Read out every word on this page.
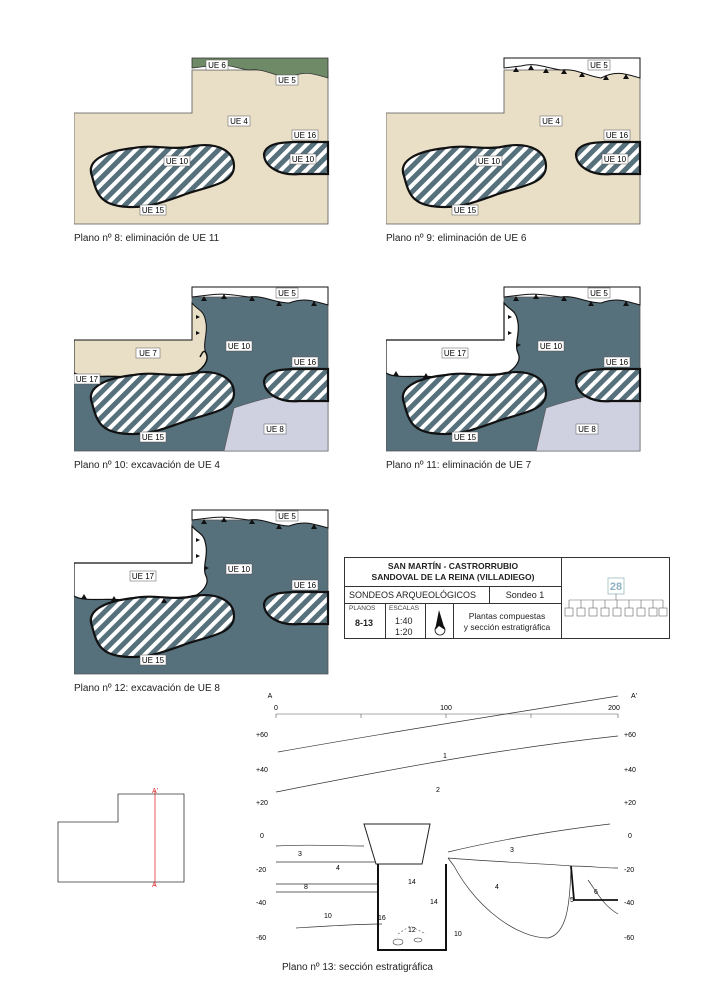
UE 6
UE 5
UE 4
UE 16
UE 10	UE 10
UE 15
Plano nº 8: eliminación de UE 11
UE 5
UE 4
UE 16
UE 10	UE 10
UE 15
Plano nº 9: eliminación de UE 6
UE 5
UE 10
UE 7
UE 17
UE 16
UE 8
UE 15
Plano nº 10: excavación de UE 4
UE 5
UE 17
UE 10
UE 16
UE 8
UE 15
Plano nº 11: eliminación de UE 7
UE 5
UE 17
UE 10
UE 16
UE 15
Plano nº 12: excavación de UE 8
SAN MARTÍN - CASTRORRUBIO
SANDOVAL DE LA REINA (VILLADIEGO)
SONDEOS ARQUEOLÓGICOS	Sondeo 1
PLANOS
8-13
ESCALAS
1:40
1:20	N
Plantas compuestas
y sección estratigráfica
28
A'
A
A	A'
0	100	200
+60
+40
+20
0
-20
-40
-60
+60
+40
+20
0
-20
-40
-60
1
2
3
4
3
8
14
14
4
5
6
10	16
12
10
Plano nº 13: sección estratigráfica
